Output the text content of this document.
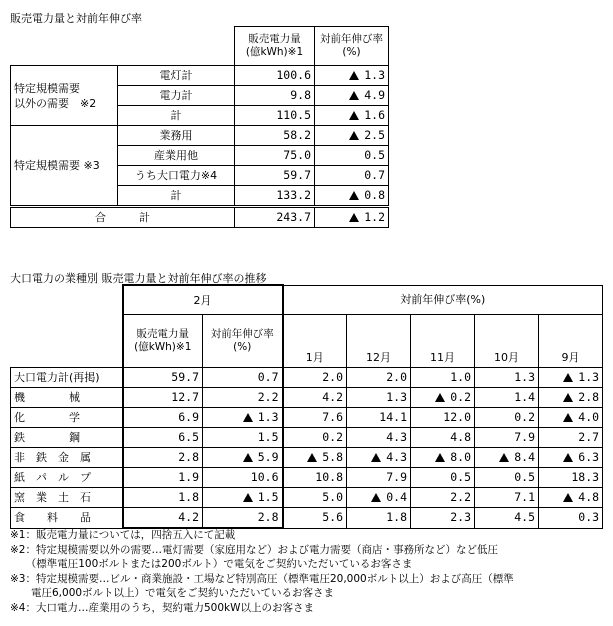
販売電力量と対前年伸び率
		販売電力量
(億kWh)※1	対前年伸び率
(%)
特定規模需要
以外の需要　※2	電灯計	100.6	1.3
	電力計	9.8	4.9
	計	110.5	1.6
特定規模需要 ※3	業務用	58.2	2.5
	産業用他	75.0	0.5
	うち大口電力※4	59.7	0.7
	計	133.2	0.8
合　　　計		243.7	1.2
大口電力の業種別 販売電力量と対前年伸び率の推移
	2月		対前年伸び率(%)				
	販売電力量
(億kWh)※1	対前年伸び率
(%)	1月	12月	11月	10月	9月
大口電力計(再掲)	59.7	0.7	2.0	2.0	1.0	1.3	1.3
機　　　　械	12.7	2.2	4.2	1.3	0.2	1.4	2.8
化　　　　学	6.9	1.3	7.6	14.1	12.0	0.2	4.0
鉄　　　　鋼	6.5	1.5	0.2	4.3	4.8	7.9	2.7
非　鉄　金　属	2.8	5.9	5.8	4.3	8.0	8.4	6.3
紙　パ　ル　プ	1.9	10.6	10.8	7.9	0.5	0.5	18.3
窯　業　土　石	1.8	1.5	5.0	0.4	2.2	7.1	4.8
食　　料　　品	4.2	2.8	5.6	1.8	2.3	4.5	0.3
※1：販売電力量については，四捨五入にて記載
※2：特定規模需要以外の需要…電灯需要（家庭用など）および電力需要（商店・事務所など）など低圧
　　（標準電圧100ボルトまたは200ボルト）で電気をご契約いただいているお客さま
※3：特定規模需要…ビル・商業施設・工場など特別高圧（標準電圧20,000ボルト以上）および高圧（標準
　　電圧6,000ボルト以上）で電気をご契約いただいているお客さま
※4：大口電力…産業用のうち，契約電力500kW以上のお客さま
